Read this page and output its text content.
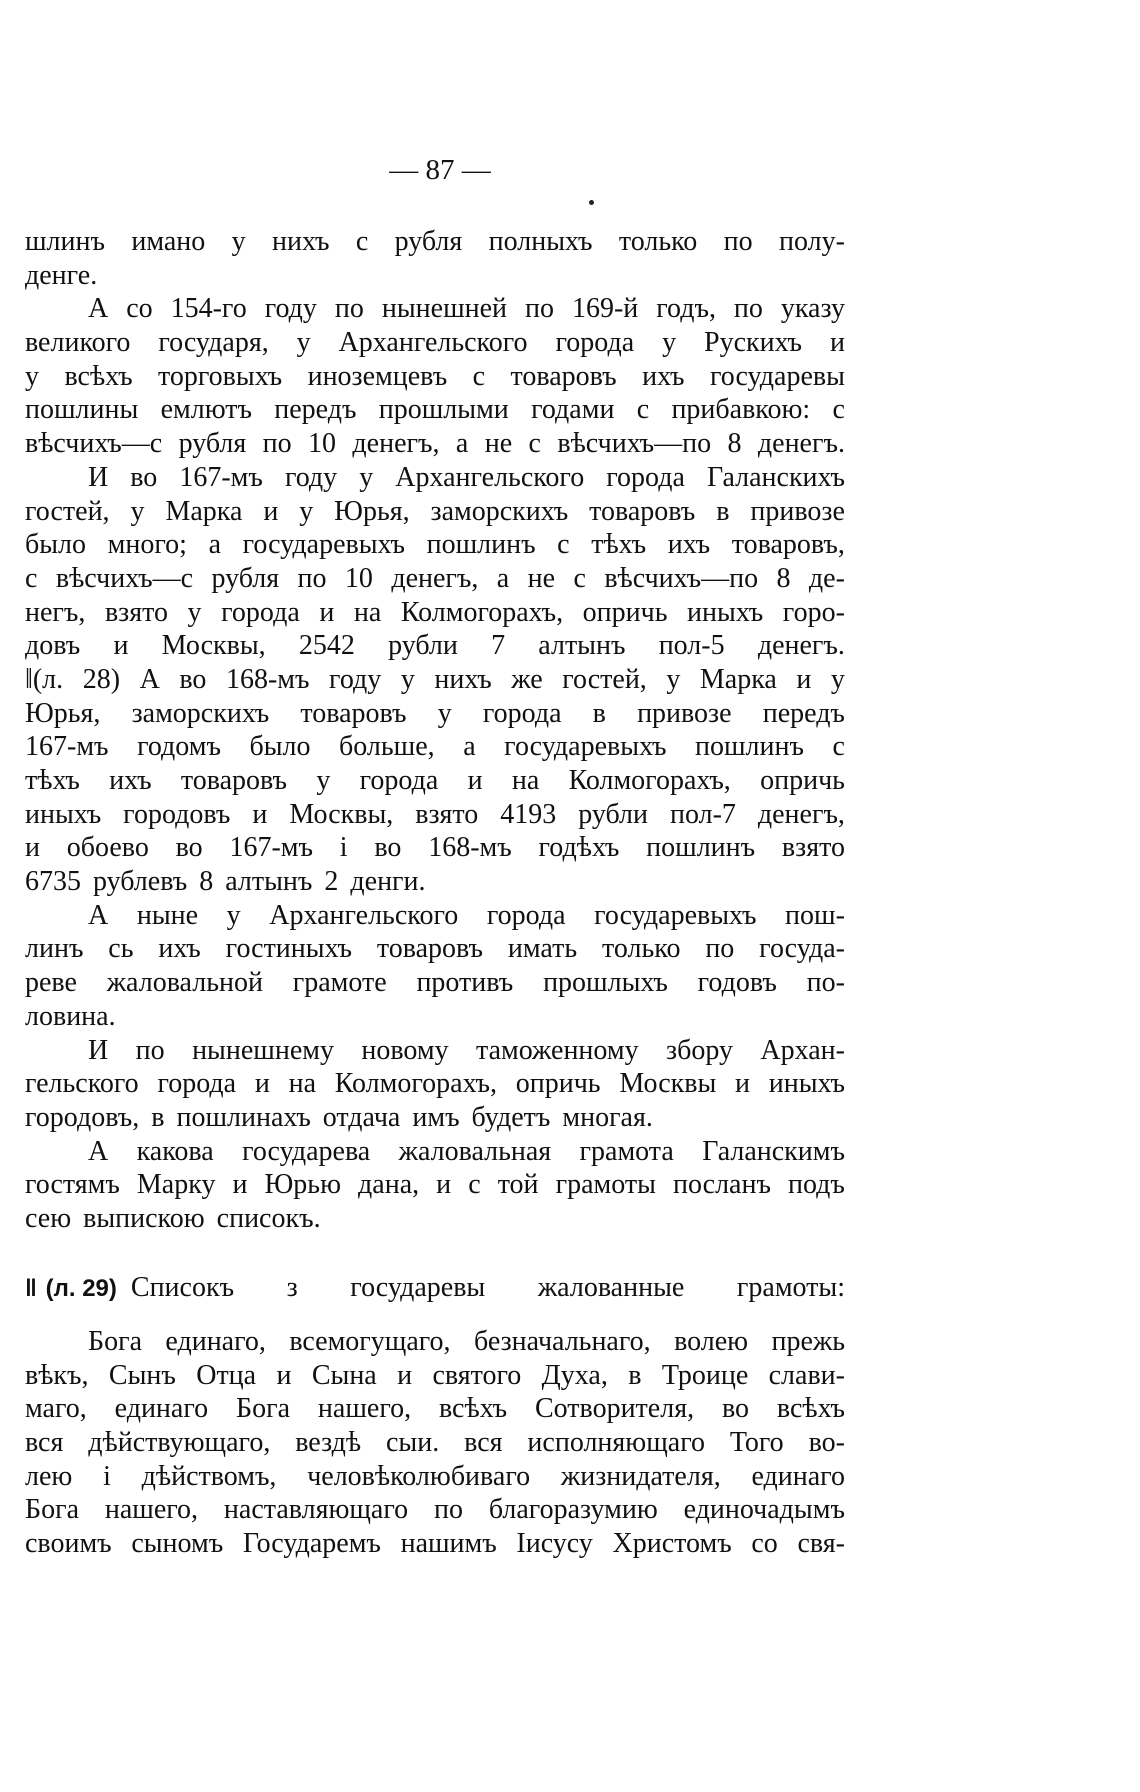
— 87 —
шлинъ имано у нихъ с рубля полныхъ только по полу-
денге.
А со 154-го году по нынешней по 169-й годъ, по указу
великого государя, у Архангельского города у Рускихъ и
у всѣхъ торговыхъ иноземцевъ с товаровъ ихъ государевы
пошлины емлютъ передъ прошлыми годами с прибавкою: с
вѣсчихъ—с рубля по 10 денегъ, а не с вѣсчихъ—по 8 денегъ.
И во 167-мъ году у Архангельского города Галанскихъ
гостей, у Марка и у Юрья, заморскихъ товаровъ в привозе
было много; а государевыхъ пошлинъ с тѣхъ ихъ товаровъ,
с вѣсчихъ—с рубля по 10 денегъ, а не с вѣсчихъ—по 8 де-
негъ, взято у города и на Колмогорахъ, опричь иныхъ горо-
довъ и Москвы, 2542 рубли 7 алтынъ пол-5 денегъ.
‖(л. 28) А во 168-мъ году у нихъ же гостей, у Марка и у
Юрья, заморскихъ товаровъ у города в привозе передъ
167-мъ годомъ было больше, а государевыхъ пошлинъ с
тѣхъ ихъ товаровъ у города и на Колмогорахъ, опричь
иныхъ городовъ и Москвы, взято 4193 рубли пол-7 денегъ,
и обоево во 167-мъ і во 168-мъ годѣхъ пошлинъ взято
6735 рублевъ 8 алтынъ 2 денги.
А ныне у Архангельского города государевыхъ пош-
линъ сь ихъ гостиныхъ товаровъ имать только по госуда-
реве жаловальной грамоте противъ прошлыхъ годовъ по-
ловина.
И по нынешнему новому таможенному збору Архан-
гельского города и на Колмогорахъ, опричь Москвы и иныхъ
городовъ, в пошлинахъ отдача имъ будетъ многая.
А какова государева жаловальная грамота Галанскимъ
гостямъ Марку и Юрью дана, и с той грамоты посланъ подъ
сею выпискою списокъ.
‖ (л. 29) Списокъ з государевы жалованные грамоты:
Бога единаго, всемогущаго, безначальнаго, волею прежь
вѣкъ, Сынъ Отца и Сына и святого Духа, в Троице слави-
маго, единаго Бога нашего, всѣхъ Сотворителя, во всѣхъ
вся дѣйствующаго, вездѣ сыи. вся исполняющаго Того во-
лею і дѣйствомъ, человѣколюбиваго жизнидателя, единаго
Бога нашего, наставляющаго по благоразумию единочадымъ
своимъ сыномъ Государемъ нашимъ Іисусу Христомъ со свя-
